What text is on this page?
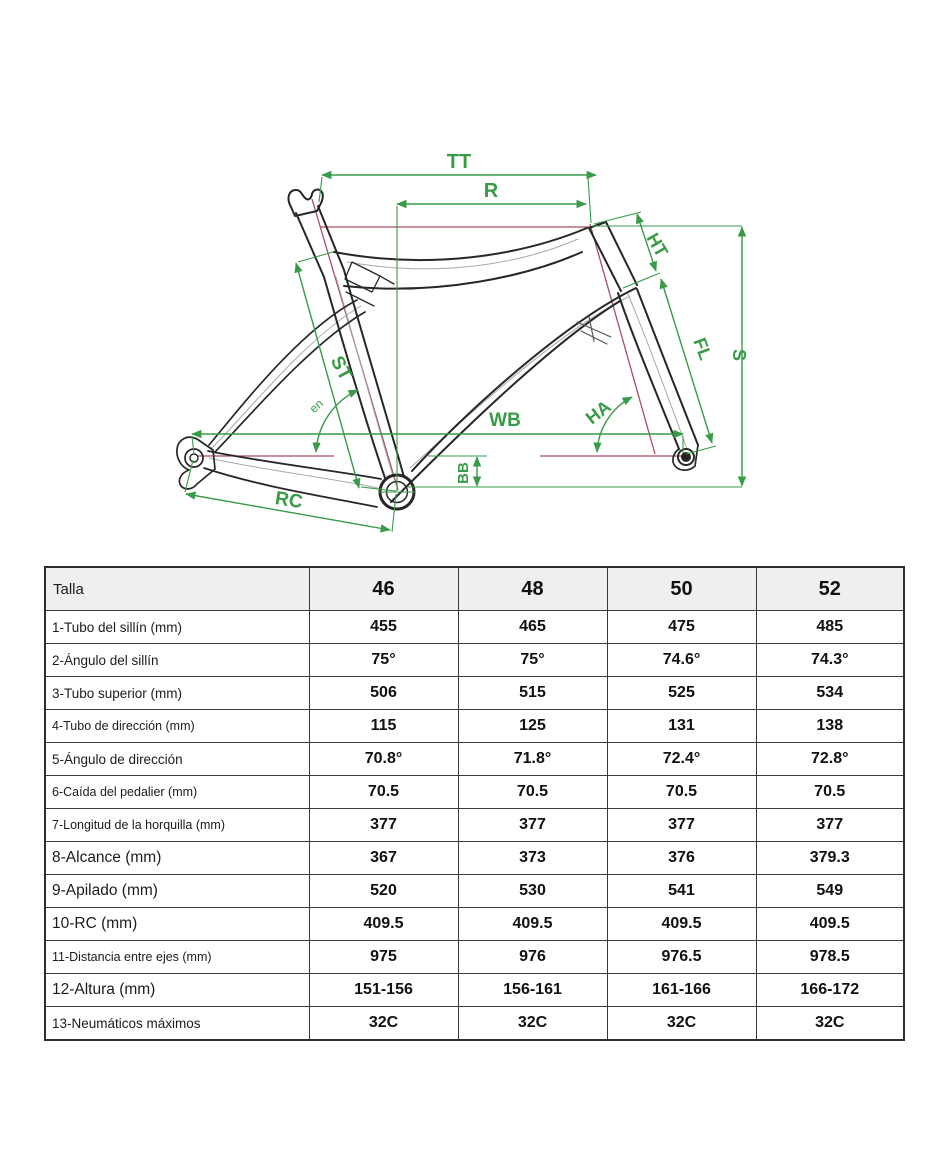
TT
R
HT
FL S
WB	HA
BB
RC
ST
en
Talla	46	48	50	52
1-Tubo del sillín (mm)	455	465	475	485
2-Ángulo del sillín	75°	75°	74.6°	74.3°
3-Tubo superior (mm)	506	515	525	534
4-Tubo de dirección (mm)	115	125	131	138
5-Ángulo de dirección	70.8°	71.8°	72.4°	72.8°
6-Caída del pedalier (mm)	70.5	70.5	70.5	70.5
7-Longitud de la horquilla (mm)	377	377	377	377
8-Alcance (mm)	367	373	376	379.3
9-Apilado (mm)	520	530	541	549
10-RC (mm)	409.5	409.5	409.5	409.5
11-Distancia entre ejes (mm)	975	976	976.5	978.5
12-Altura (mm)	151-156	156-161	161-166	166-172
13-Neumáticos máximos	32C	32C	32C	32C
